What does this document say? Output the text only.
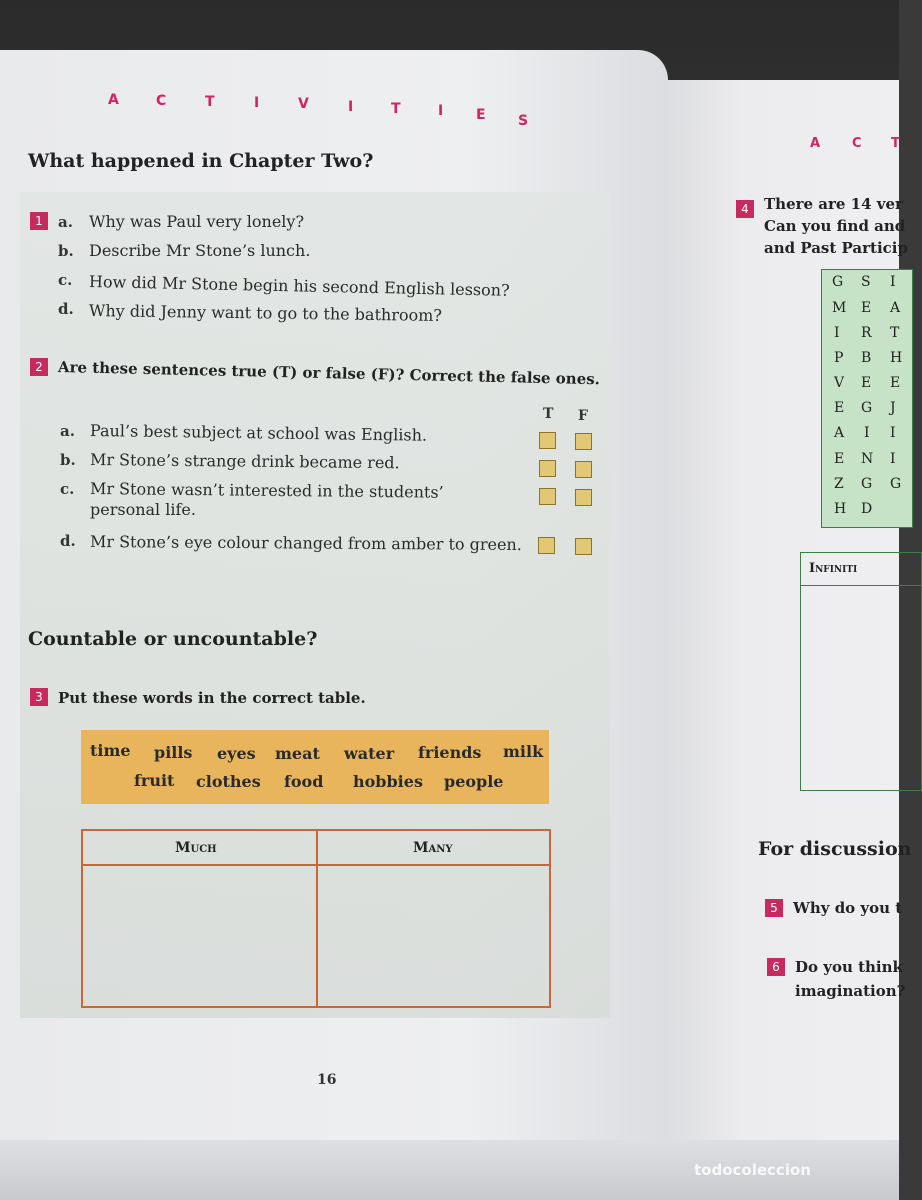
A	C	T	I	V	I	T	I E S
What happened in Chapter Two?
1	a. Why was Paul very lonely?
b. Describe Mr Stone’s lunch.
c. How did Mr Stone begin his second English lesson?
d. Why did Jenny want to go to the bathroom?
2 Are these sentences true (T) or false (F)? Correct the false ones.
T F
a. Paul’s best subject at school was English.
b. Mr Stone’s strange drink became red.
c. Mr Stone wasn’t interested in the students’
personal life.
d. Mr Stone’s eye colour changed from amber to green.
Countable or uncountable?
3	Put these words in the correct table.
time pills eyes meat water friends milk
fruit clothes food hobbies people
Much	Many
16
A C T
4	There are 14 ver
Can you find and
and Past Particip
G S I
M E A
I R T
P B H
V E E
E G J
A I I
E N I
Z G G
H D
Infiniti
For discussion
5	Why do you t
6	Do you think
imagination?
todocoleccion
